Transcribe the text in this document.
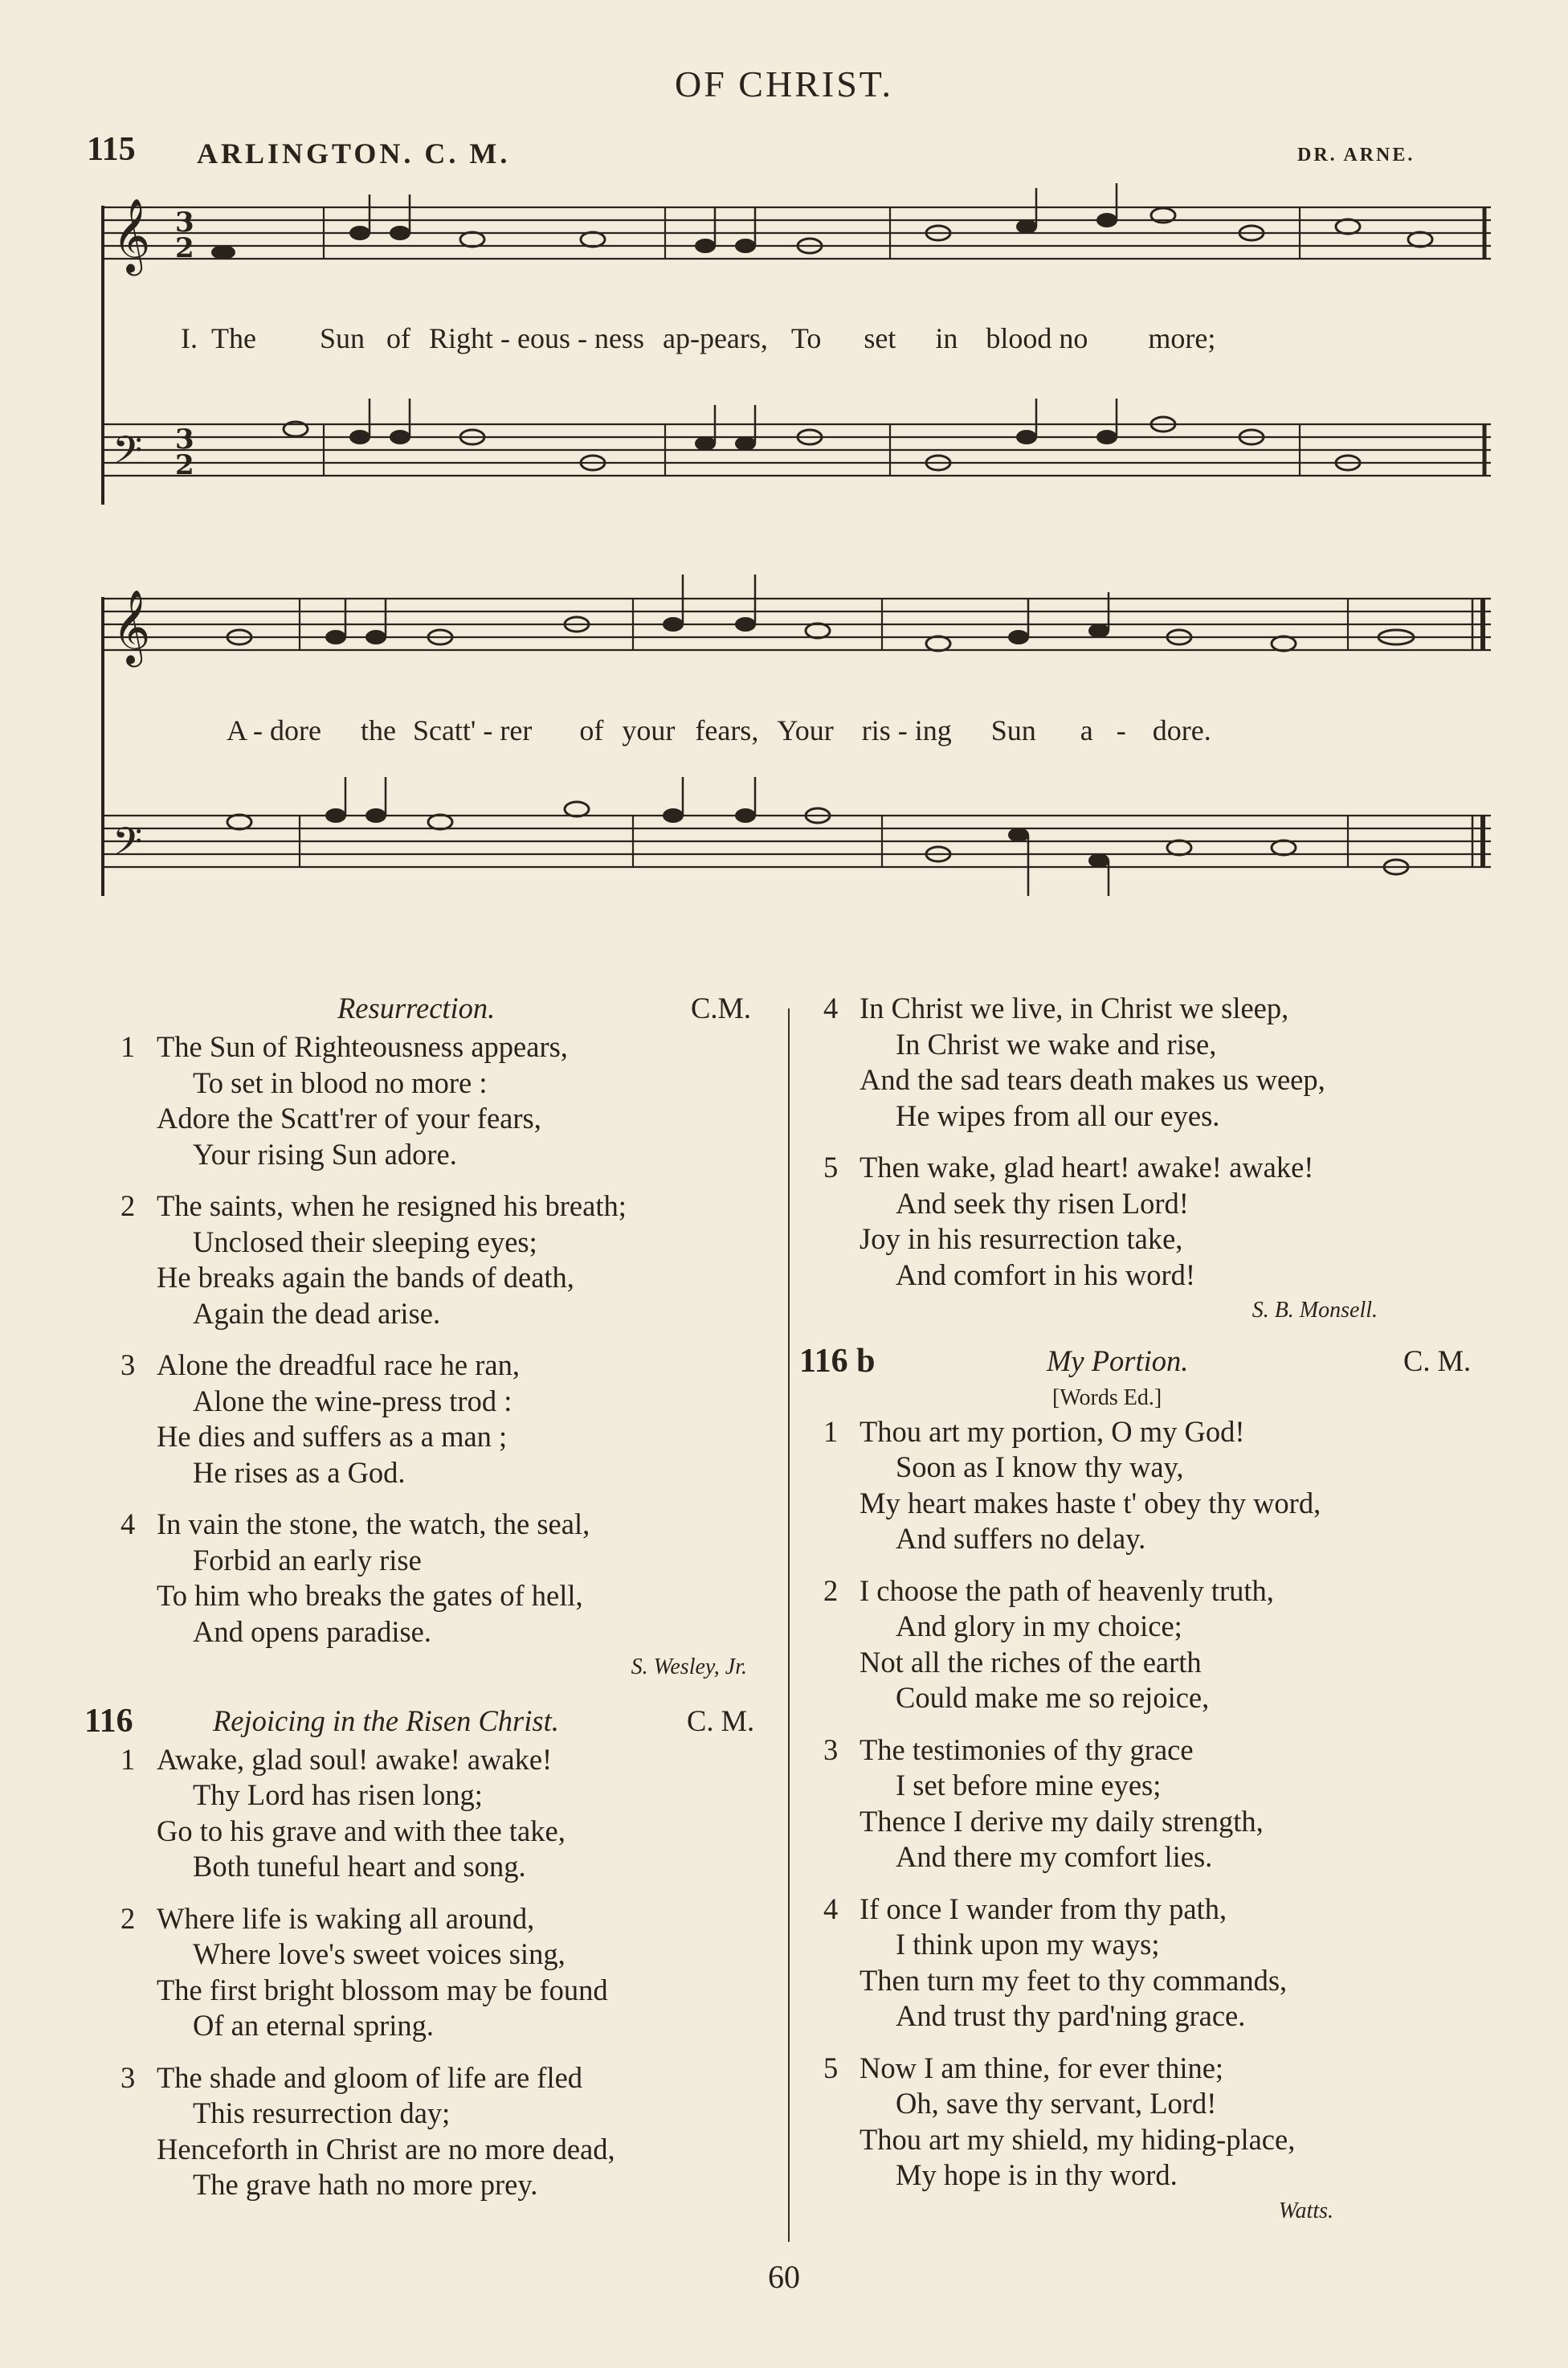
OF CHRIST.
115 ARLINGTON. C. M.	DR. ARNE.
𝄞
𝄢
3
2
3
2
I. The Sun of Right - eous - ness ap-pears, To set in blood no more;
𝄞
𝄢
A - dore the Scatt' - rer of your fears, Your ris - ing Sun a - dore.
Resurrection.	C.M.
1 The Sun of Righteousness appears,
To set in blood no more :
Adore the Scatt'rer of your fears,
Your rising Sun adore.
2 The saints, when he resigned his breath;
Unclosed their sleeping eyes;
He breaks again the bands of death,
Again the dead arise.
3 Alone the dreadful race he ran,
Alone the wine-press trod :
He dies and suffers as a man ;
He rises as a God.
4 In vain the stone, the watch, the seal,
Forbid an early rise
To him who breaks the gates of hell,
And opens paradise.
S. Wesley, Jr.
116	Rejoicing in the Risen Christ.	C. M.
1 Awake, glad soul! awake! awake!
Thy Lord has risen long;
Go to his grave and with thee take,
Both tuneful heart and song.
2 Where life is waking all around,
Where love's sweet voices sing,
The first bright blossom may be found
Of an eternal spring.
3 The shade and gloom of life are fled
This resurrection day;
Henceforth in Christ are no more dead,
The grave hath no more prey.
4 In Christ we live, in Christ we sleep,
In Christ we wake and rise,
And the sad tears death makes us weep,
He wipes from all our eyes.
5 Then wake, glad heart! awake! awake!
And seek thy risen Lord!
Joy in his resurrection take,
And comfort in his word!
S. B. Monsell.
116 b	My Portion.	C. M.
[Words Ed.]
1 Thou art my portion, O my God!
Soon as I know thy way,
My heart makes haste t' obey thy word,
And suffers no delay.
2 I choose the path of heavenly truth,
And glory in my choice;
Not all the riches of the earth
Could make me so rejoice,
3 The testimonies of thy grace
I set before mine eyes;
Thence I derive my daily strength,
And there my comfort lies.
4 If once I wander from thy path,
I think upon my ways;
Then turn my feet to thy commands,
And trust thy pard'ning grace.
5 Now I am thine, for ever thine;
Oh, save thy servant, Lord!
Thou art my shield, my hiding-place,
My hope is in thy word.
Watts.
60
